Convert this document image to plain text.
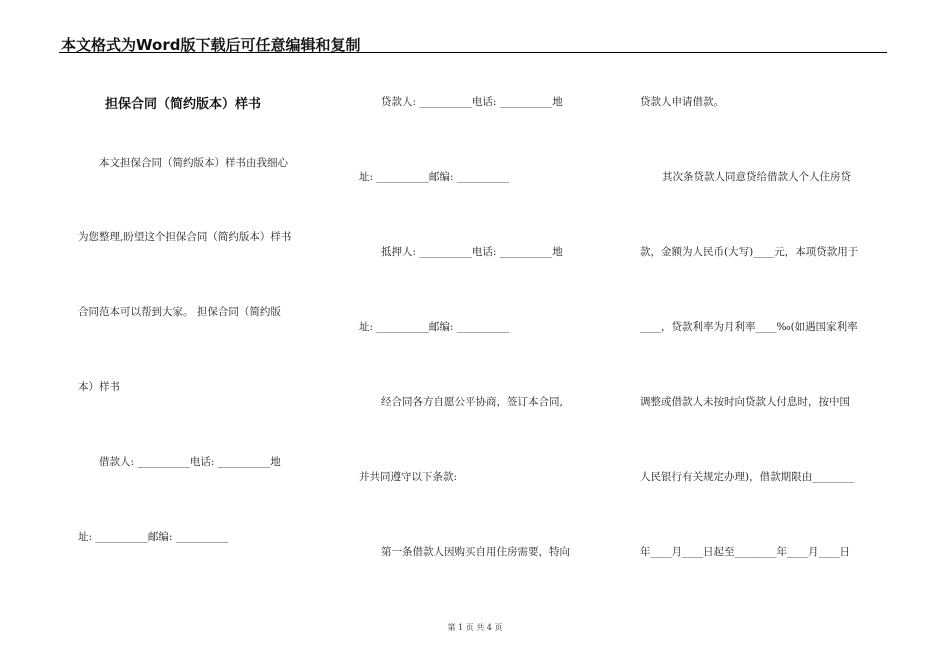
本文格式为Word版下载后可任意编辑和复制
担保合同（简约版本）样书
本文担保合同（简约版本）样书由我细心
为您整理,盼望这个担保合同（简约版本）样书
合同范本可以帮到大家。 担保合同（简约版
本）样书
借款人: __________电话: __________地
址: __________邮编: __________
贷款人: __________电话: __________地
址: __________邮编: __________
抵押人: __________电话: __________地
址: __________邮编: __________
经合同各方自愿公平协商，签订本合同,
并共同遵守以下条款:
第一条借款人因购买自用住房需要，特向
贷款人申请借款。
其次条贷款人同意贷给借款人个人住房贷
款，金额为人民币(大写)____元，本项贷款用于
____，贷款利率为月利率____‰(如遇国家利率
调整或借款人未按时向贷款人付息时，按中国
人民银行有关规定办理)，借款期限由________
年____月____日起至________年____月____日
第 1 页 共 4 页
